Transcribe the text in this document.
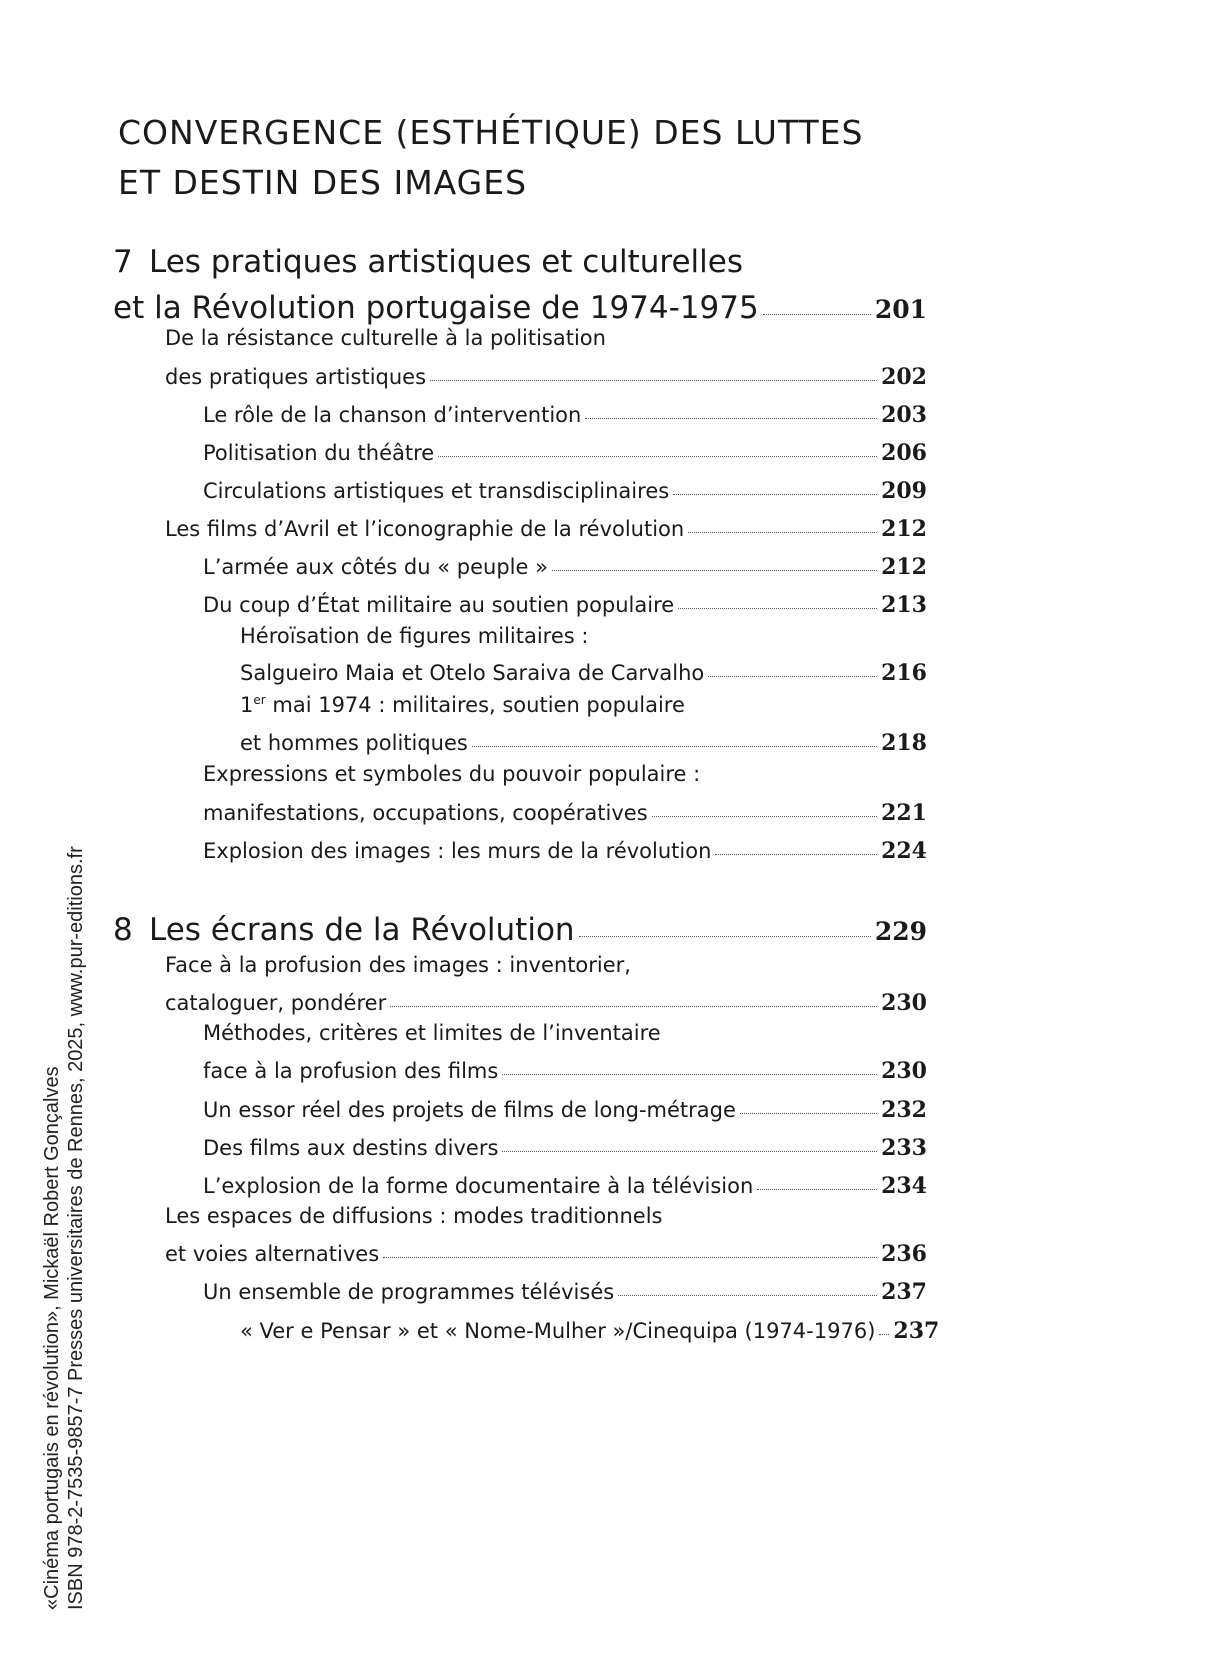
CONVERGENCE (ESTHÉTIQUE) DES LUTTES
ET DESTIN DES IMAGES
7 Les pratiques artistiques et culturelles
et la Révolution portugaise de 1974-1975	201
De la résistance culturelle à la politisation
des pratiques artistiques	202
Le rôle de la chanson d’intervention	203
Politisation du théâtre	206
Circulations artistiques et transdisciplinaires	209
Les films d’Avril et l’iconographie de la révolution	212
L’armée aux côtés du « peuple »	212
Du coup d’État militaire au soutien populaire	213
Héroïsation de figures militaires :
Salgueiro Maia et Otelo Saraiva de Carvalho	216
1er mai 1974 : militaires, soutien populaire
et hommes politiques	218
Expressions et symboles du pouvoir populaire :
manifestations, occupations, coopératives	221
Explosion des images : les murs de la révolution	224
8 Les écrans de la Révolution	229
Face à la profusion des images : inventorier,
cataloguer, pondérer	230
Méthodes, critères et limites de l’inventaire
face à la profusion des films	230
Un essor réel des projets de films de long-métrage	232
Des films aux destins divers	233
L’explosion de la forme documentaire à la télévision	234
Les espaces de diffusions : modes traditionnels
et voies alternatives	236
Un ensemble de programmes télévisés	237
« Ver e Pensar » et « Nome-Mulher »/Cinequipa (1974-1976) 237
«Cinéma portugais en révolution», Mickaël Robert Gonçalves ISBN 978-2-7535-9857-7 Presses universitaires de Rennes, 2025, www.pur-editions.fr
